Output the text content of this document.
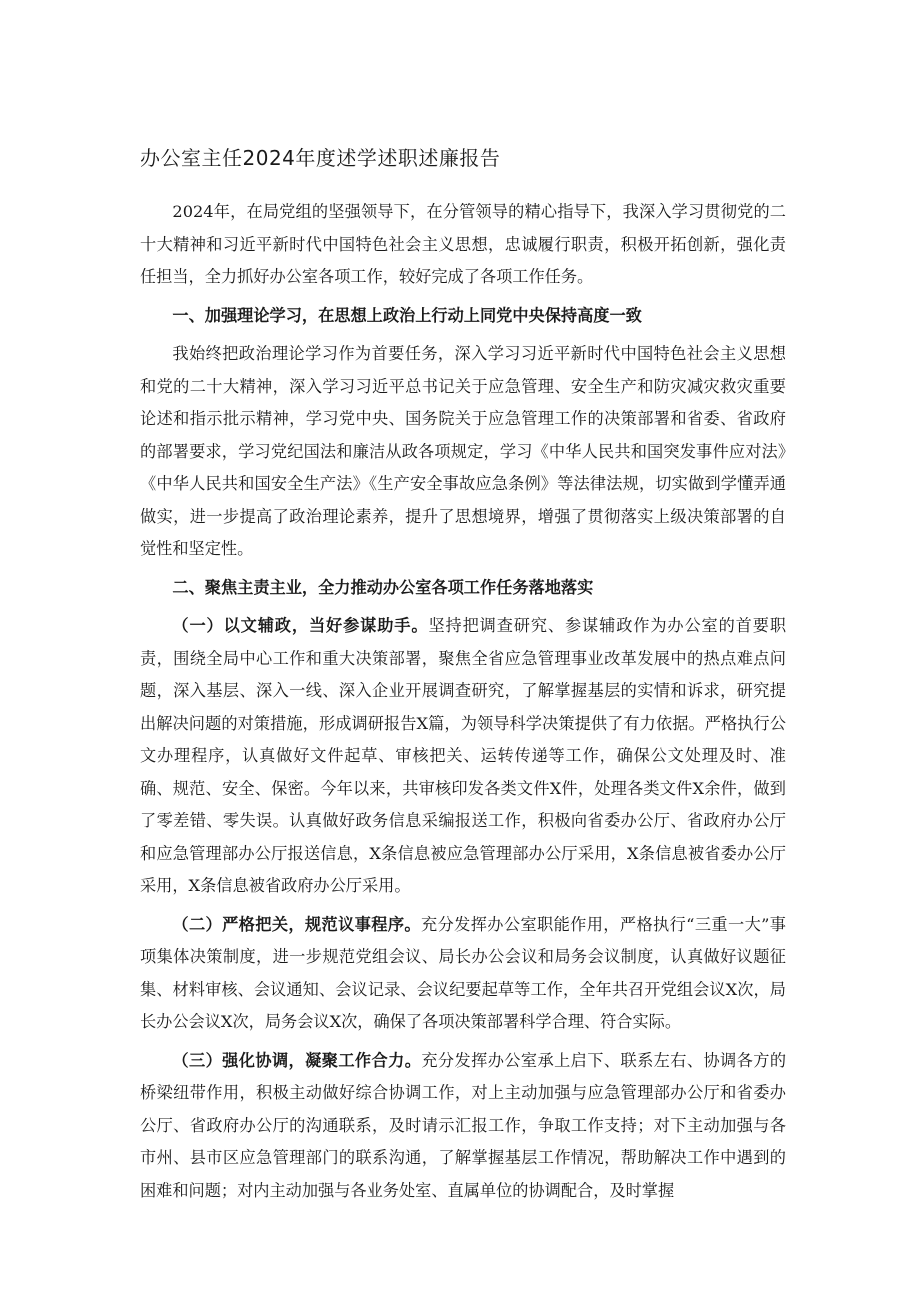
办公室主任2024年度述学述职述廉报告

2024年，在局党组的坚强领导下，在分管领导的精心指导下，我深入学习贯彻党的二十大精神和习近平新时代中国特色社会主义思想，忠诚履行职责，积极开拓创新，强化责任担当，全力抓好办公室各项工作，较好完成了各项工作任务。

一、加强理论学习，在思想上政治上行动上同党中央保持高度一致

我始终把政治理论学习作为首要任务，深入学习习近平新时代中国特色社会主义思想和党的二十大精神，深入学习习近平总书记关于应急管理、安全生产和防灾减灾救灾重要论述和指示批示精神，学习党中央、国务院关于应急管理工作的决策部署和省委、省政府的部署要求，学习党纪国法和廉洁从政各项规定，学习《中华人民共和国突发事件应对法》《中华人民共和国安全生产法》《生产安全事故应急条例》等法律法规，切实做到学懂弄通做实，进一步提高了政治理论素养，提升了思想境界，增强了贯彻落实上级决策部署的自觉性和坚定性。

二、聚焦主责主业，全力推动办公室各项工作任务落地落实

（一）以文辅政，当好参谋助手。坚持把调查研究、参谋辅政作为办公室的首要职责，围绕全局中心工作和重大决策部署，聚焦全省应急管理事业改革发展中的热点难点问题，深入基层、深入一线、深入企业开展调查研究，了解掌握基层的实情和诉求，研究提出解决问题的对策措施，形成调研报告X篇，为领导科学决策提供了有力依据。严格执行公文办理程序，认真做好文件起草、审核把关、运转传递等工作，确保公文处理及时、准确、规范、安全、保密。今年以来，共审核印发各类文件X件，处理各类文件X余件，做到了零差错、零失误。认真做好政务信息采编报送工作，积极向省委办公厅、省政府办公厅和应急管理部办公厅报送信息，X条信息被应急管理部办公厅采用，X条信息被省委办公厅采用，X条信息被省政府办公厅采用。

（二）严格把关，规范议事程序。充分发挥办公室职能作用，严格执行“三重一大”事项集体决策制度，进一步规范党组会议、局长办公会议和局务会议制度，认真做好议题征集、材料审核、会议通知、会议记录、会议纪要起草等工作，全年共召开党组会议X次，局长办公会议X次，局务会议X次，确保了各项决策部署科学合理、符合实际。

（三）强化协调，凝聚工作合力。充分发挥办公室承上启下、联系左右、协调各方的桥梁纽带作用，积极主动做好综合协调工作，对上主动加强与应急管理部办公厅和省委办公厅、省政府办公厅的沟通联系，及时请示汇报工作，争取工作支持；对下主动加强与各市州、县市区应急管理部门的联系沟通，了解掌握基层工作情况，帮助解决工作中遇到的困难和问题；对内主动加强与各业务处室、直属单位的协调配合，及时掌握
